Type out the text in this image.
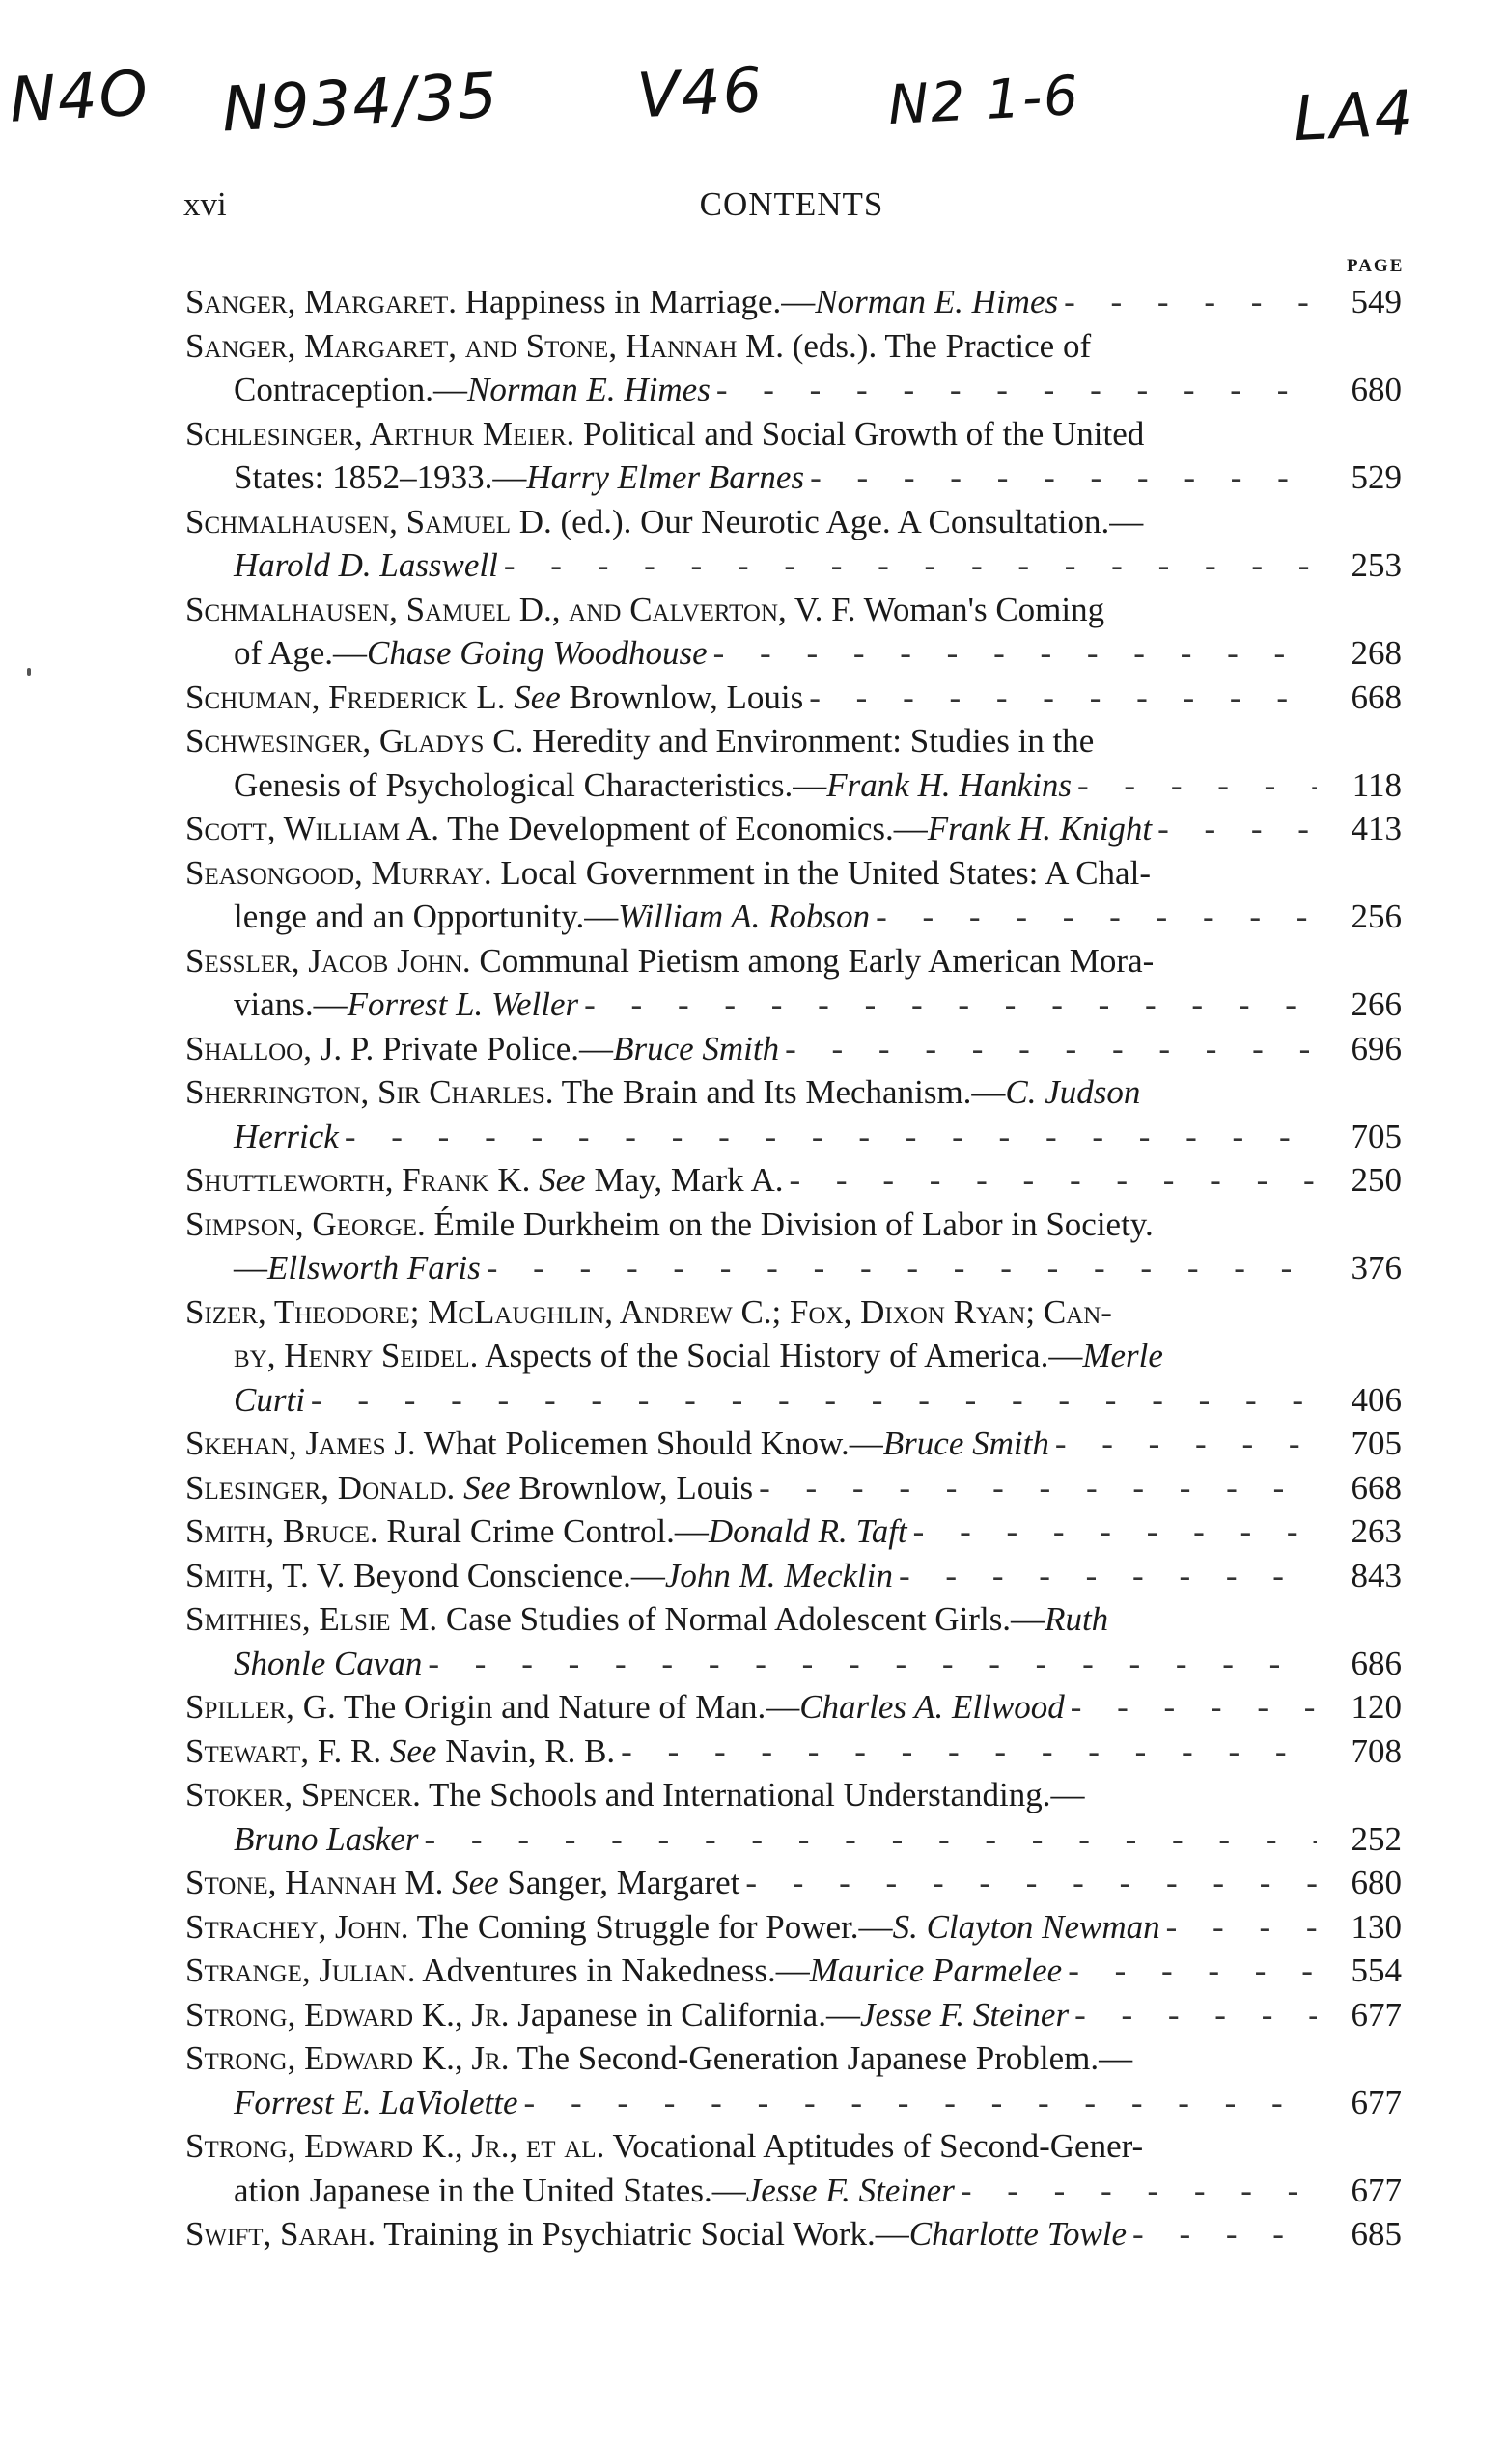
N4O N934/35 V46 N2 1-6	LA4
xvi	CONTENTS
PAGE
Sanger, Margaret. Happiness in Marriage.—Norman E. Himes - - -	549
Sanger, Margaret, and Stone, Hannah M. (eds.). The Practice of
Contraception.—Norman E. Himes - - -	680
Schlesinger, Arthur Meier. Political and Social Growth of the United
States: 1852–1933.—Harry Elmer Barnes - - -	529
Schmalhausen, Samuel D. (ed.). Our Neurotic Age. A Consultation.—
Harold D. Lasswell - - -	253
Schmalhausen, Samuel D., and Calverton, V. F. Woman's Coming
of Age.—Chase Going Woodhouse - - -	268
Schuman, Frederick L. See Brownlow, Louis - - -	668
Schwesinger, Gladys C. Heredity and Environment: Studies in the
Genesis of Psychological Characteristics.—Frank H. Hankins - - -	118
Scott, William A. The Development of Economics.—Frank H. Knight - - -	413
Seasongood, Murray. Local Government in the United States: A Chal-
lenge and an Opportunity.—William A. Robson - - -	256
Sessler, Jacob John. Communal Pietism among Early American Mora-
vians.—Forrest L. Weller - - -	266
Shalloo, J. P. Private Police.—Bruce Smith - - -	696
Sherrington, Sir Charles. The Brain and Its Mechanism.—C. Judson
Herrick - - -	705
Shuttleworth, Frank K. See May, Mark A. - - -	250
Simpson, George. Émile Durkheim on the Division of Labor in Society.
—Ellsworth Faris - - -	376
Sizer, Theodore; McLaughlin, Andrew C.; Fox, Dixon Ryan; Can-
by, Henry Seidel. Aspects of the Social History of America.—Merle
Curti - - -	406
Skehan, James J. What Policemen Should Know.—Bruce Smith - - -	705
Slesinger, Donald. See Brownlow, Louis - - -	668
Smith, Bruce. Rural Crime Control.—Donald R. Taft - - -	263
Smith, T. V. Beyond Conscience.—John M. Mecklin - - -	843
Smithies, Elsie M. Case Studies of Normal Adolescent Girls.—Ruth
Shonle Cavan - - -	686
Spiller, G. The Origin and Nature of Man.—Charles A. Ellwood - - -	120
Stewart, F. R. See Navin, R. B. - - -	708
Stoker, Spencer. The Schools and International Understanding.—
Bruno Lasker - - -	252
Stone, Hannah M. See Sanger, Margaret - - -	680
Strachey, John. The Coming Struggle for Power.—S. Clayton Newman - - -	130
Strange, Julian. Adventures in Nakedness.—Maurice Parmelee - - -	554
Strong, Edward K., Jr. Japanese in California.—Jesse F. Steiner - - -	677
Strong, Edward K., Jr. The Second-Generation Japanese Problem.—
Forrest E. LaViolette - - -	677
Strong, Edward K., Jr., et al. Vocational Aptitudes of Second-Gener-
ation Japanese in the United States.—Jesse F. Steiner - - -	677
Swift, Sarah. Training in Psychiatric Social Work.—Charlotte Towle - - -	685
